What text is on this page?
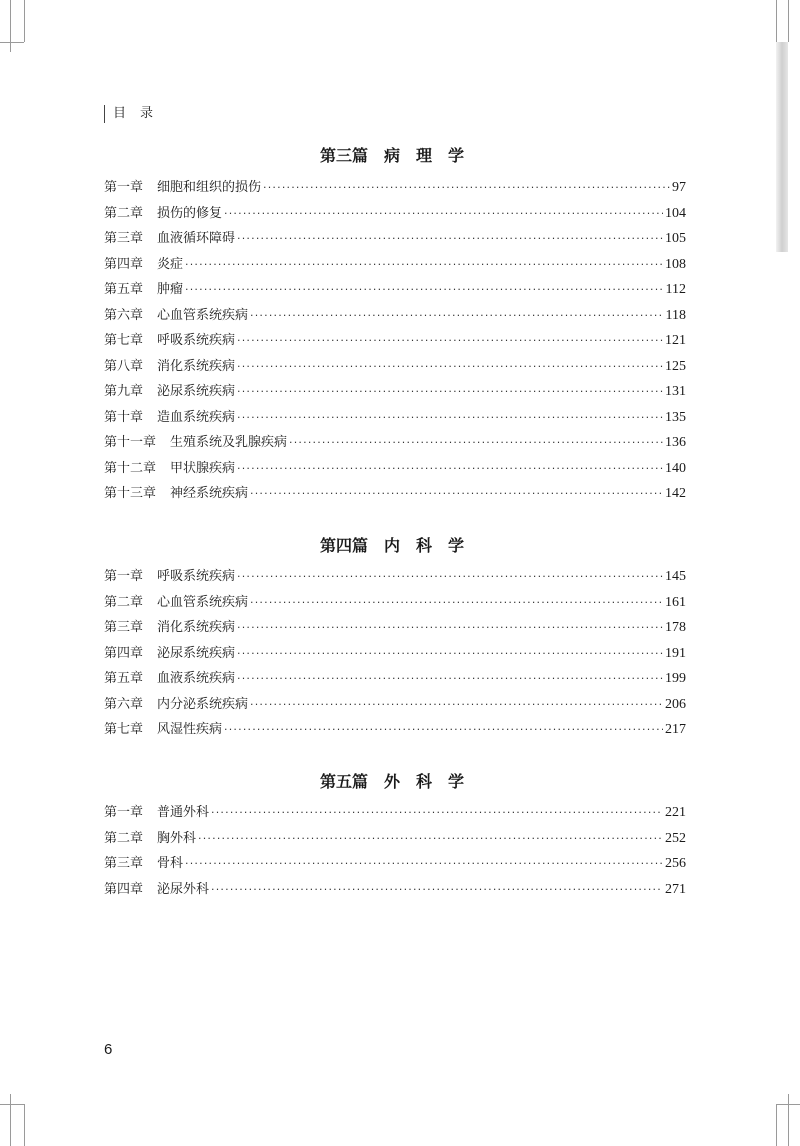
目录
第三篇 病理学
第一章 细胞和组织的损伤 ·····	97
第二章 损伤的修复 ·····	104
第三章 血液循环障碍 ·····	105
第四章 炎症 ·····	108
第五章 肿瘤 ·····	112
第六章 心血管系统疾病 ·····	118
第七章 呼吸系统疾病 ·····	121
第八章 消化系统疾病 ·····	125
第九章 泌尿系统疾病 ·····	131
第十章 造血系统疾病 ·····	135
第十一章 生殖系统及乳腺疾病 ·····	136
第十二章 甲状腺疾病 ·····	140
第十三章 神经系统疾病 ·····	142
第四篇 内科学
第一章 呼吸系统疾病 ·····	145
第二章 心血管系统疾病 ·····	161
第三章 消化系统疾病 ·····	178
第四章 泌尿系统疾病 ·····	191
第五章 血液系统疾病 ·····	199
第六章 内分泌系统疾病 ·····	206
第七章 风湿性疾病 ·····	217
第五篇 外科学
第一章 普通外科 ·····	221
第二章 胸外科 ·····	252
第三章 骨科 ·····	256
第四章 泌尿外科 ·····	271
6
